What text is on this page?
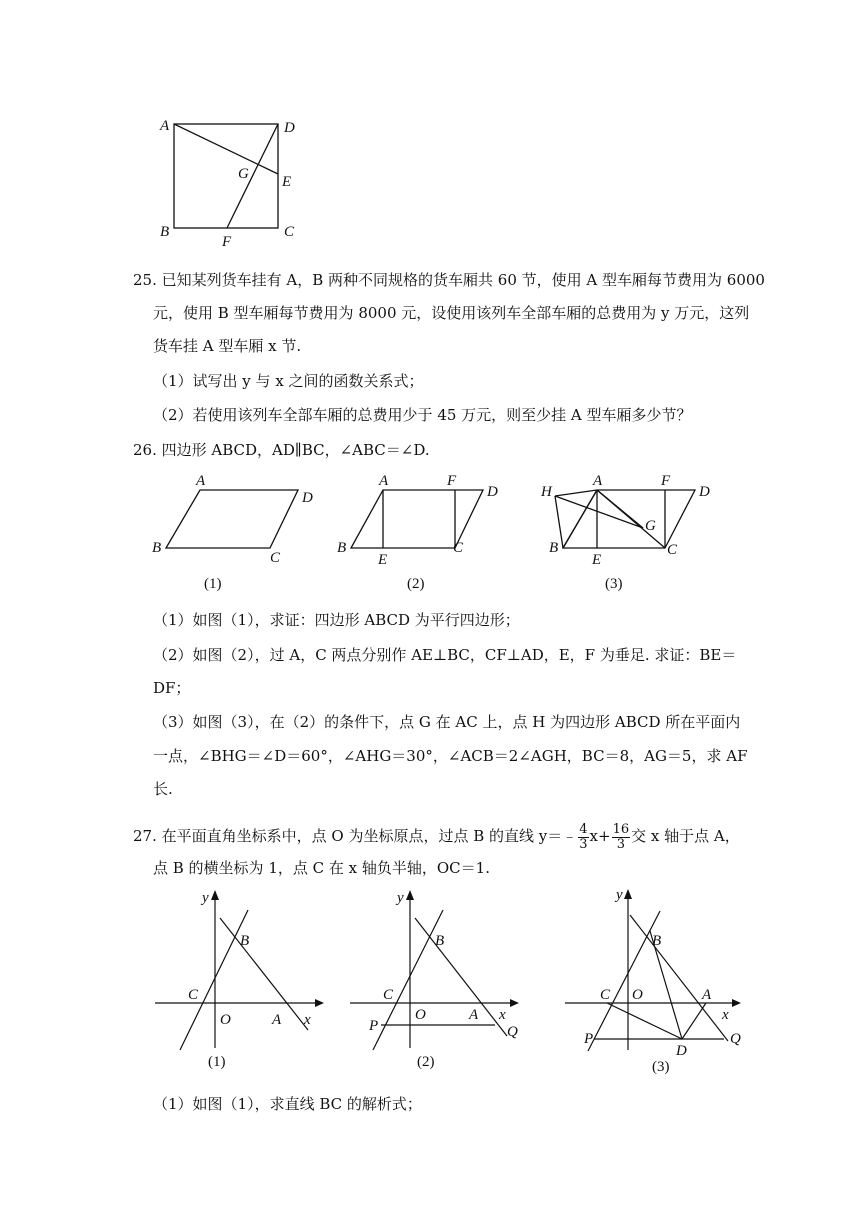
A	D
G E
B
F
C
25. 已知某列货车挂有 A，B 两种不同规格的货车厢共 60 节，使用 A 型车厢每节费用为 6000
元，使用 B 型车厢每节费用为 8000 元，设使用该列车全部车厢的总费用为 y 万元，这列
货车挂 A 型车厢 x 节.
（1）试写出 y 与 x 之间的函数关系式；
（2）若使用该列车全部车厢的总费用少于 45 万元，则至少挂 A 型车厢多少节？
26. 四边形 ABCD，AD∥BC，∠ABC＝∠D.
A
D
B
C
(1)
A	F
D
B
E
C
(2)
H
A	F
D
G
B
E
C
(3)
（1）如图（1），求证：四边形 ABCD 为平行四边形；
（2）如图（2），过 A，C 两点分别作 AE⊥BC，CF⊥AD，E，F 为垂足. 求证：BE＝
DF；
（3）如图（3），在（2）的条件下，点 G 在 AC 上，点 H 为四边形 ABCD 所在平面内
一点，∠BHG＝∠D＝60°，∠AHG＝30°，∠ACB＝2∠AGH，BC＝8，AG＝5，求 AF
长.
27. 在平面直角坐标系中，点 O 为坐标原点，过点 B 的直线 y＝﹣ $\frac{4}{3} x+ \frac{16}{3}$ 交 x 轴于点 A，
点 B 的横坐标为 1，点 C 在 x 轴负半轴，OC＝1.
y
B
C
O	A x
(1)
y
B
C
O	A x
P	Q
(2)
y
B
C O	A
x
P
D
Q
(3)
（1）如图（1），求直线 BC 的解析式；
